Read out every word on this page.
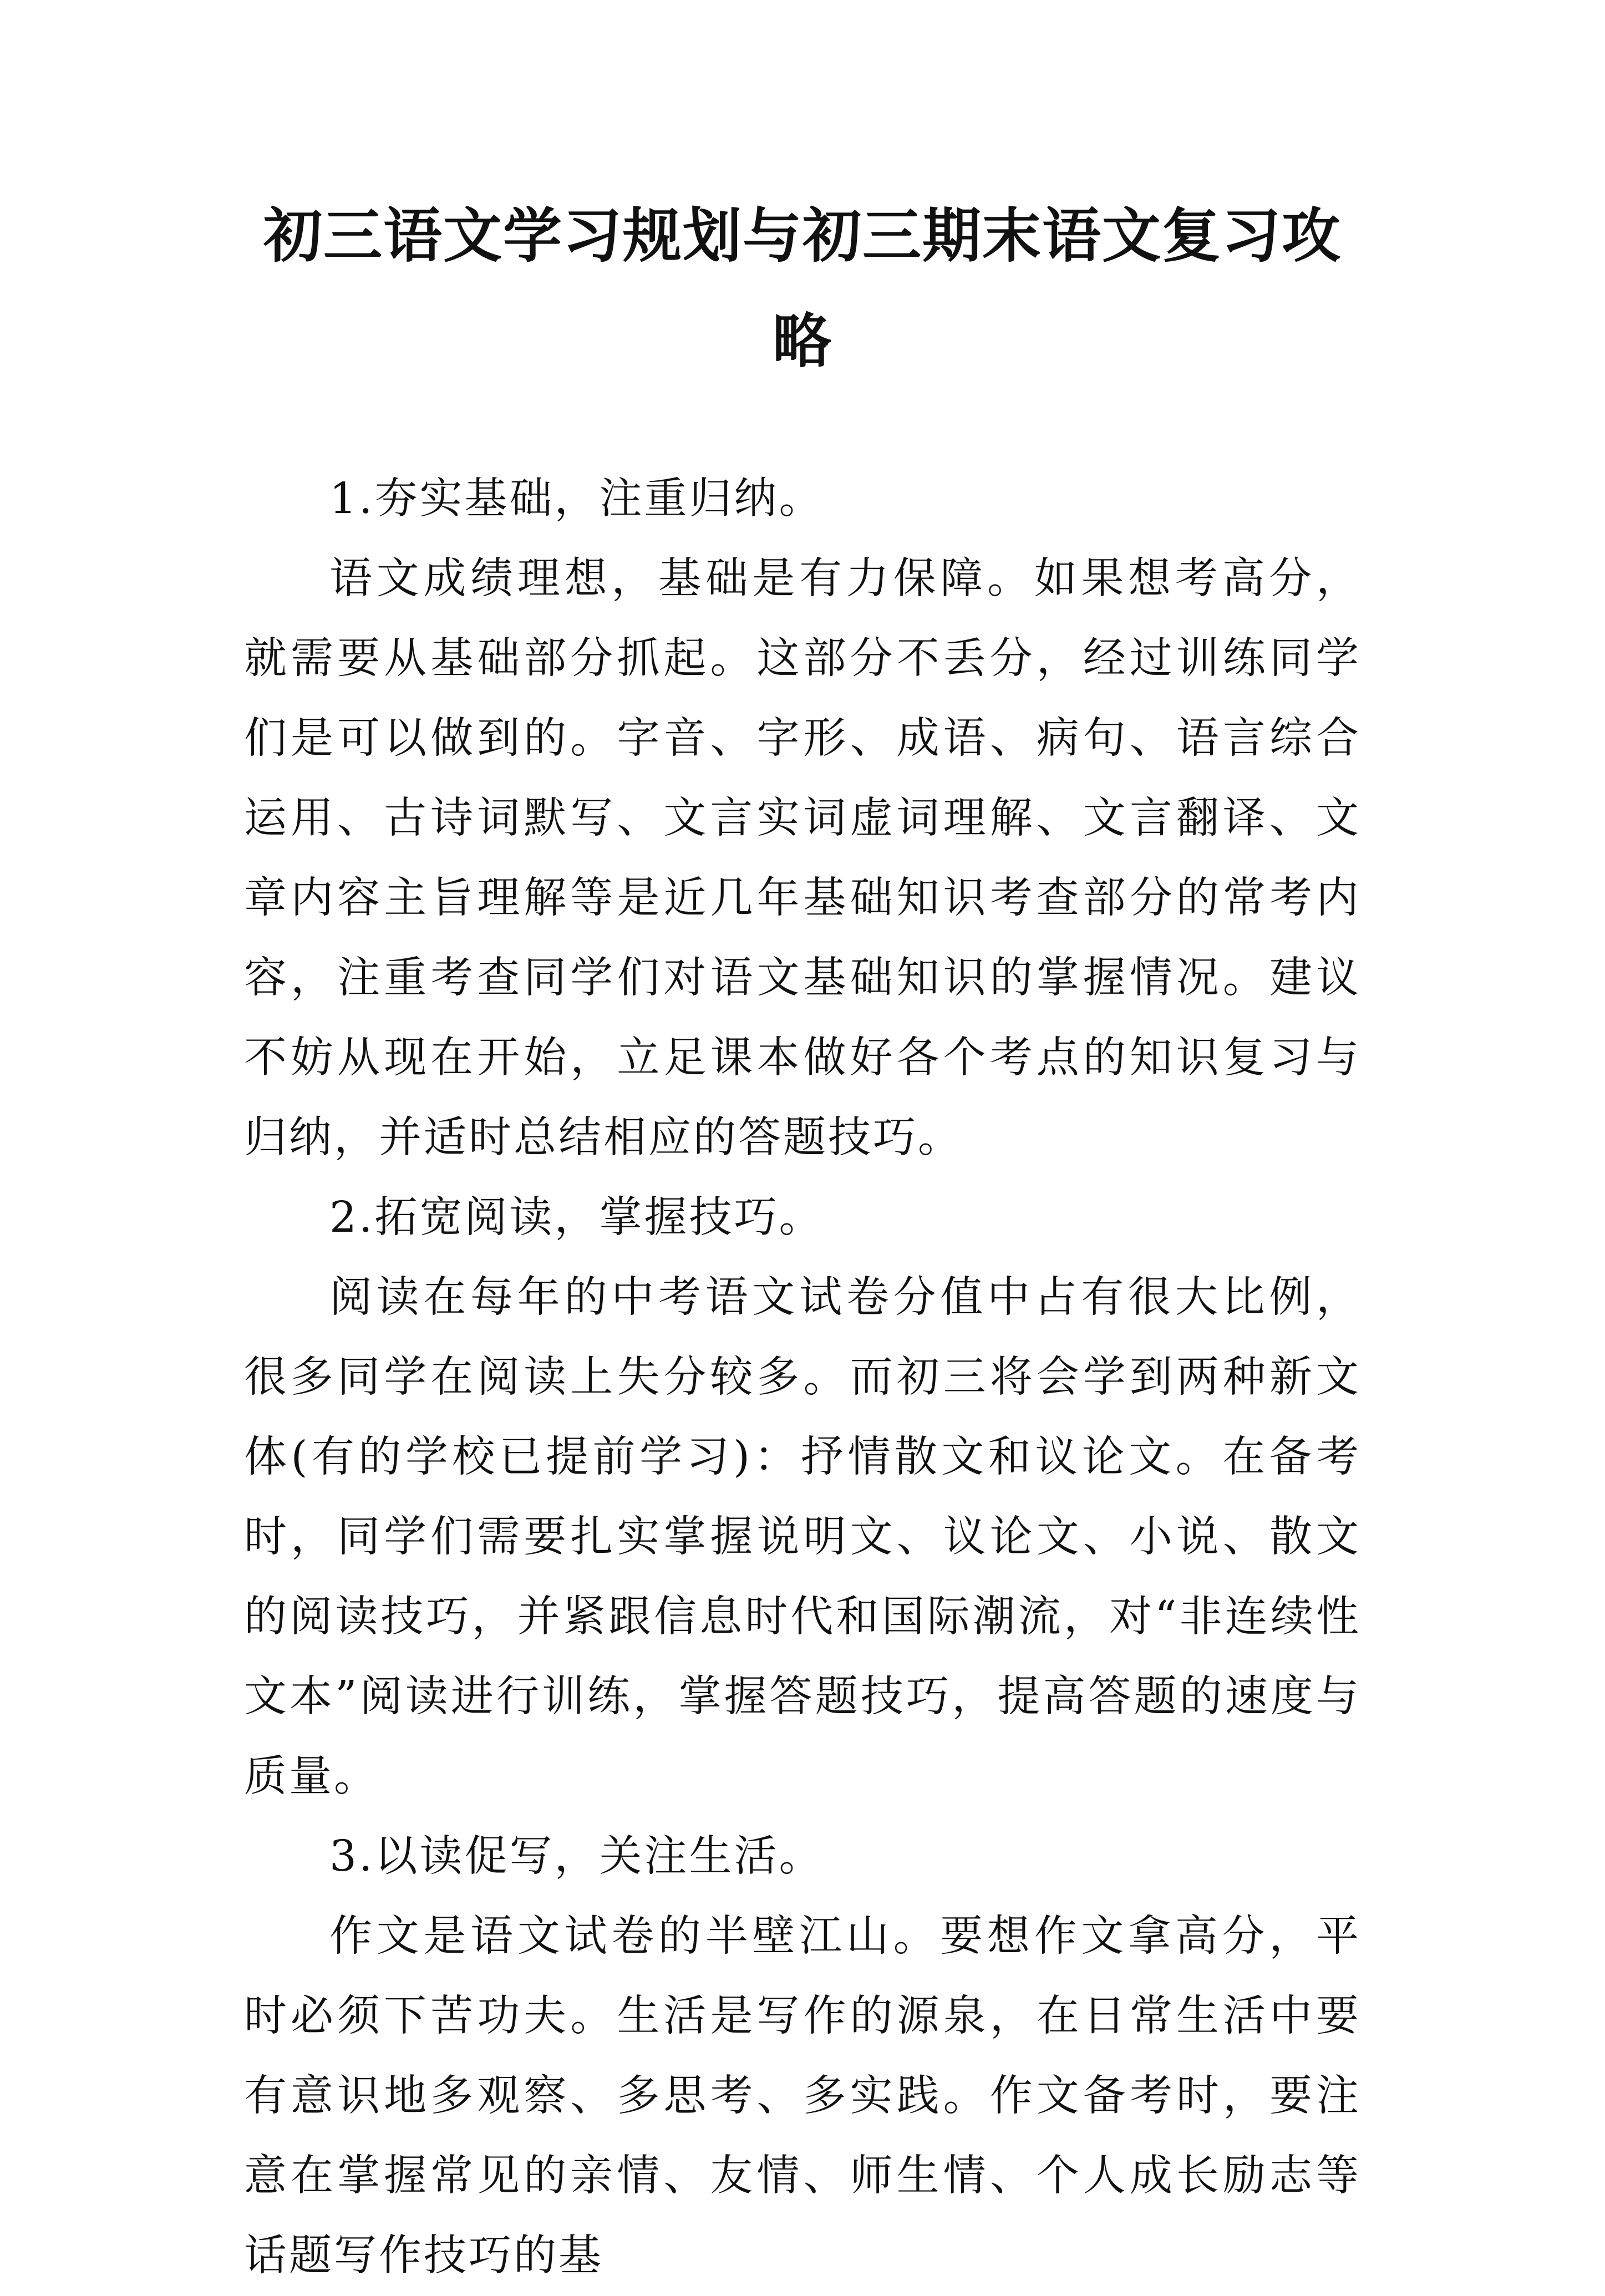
初三语文学习规划与初三期末语文复习攻略

1.夯实基础，注重归纳。

语文成绩理想，基础是有力保障。如果想考高分，就需要从基础部分抓起。这部分不丢分，经过训练同学们是可以做到的。字音、字形、成语、病句、语言综合运用、古诗词默写、文言实词虚词理解、文言翻译、文章内容主旨理解等是近几年基础知识考查部分的常考内容，注重考查同学们对语文基础知识的掌握情况。建议不妨从现在开始，立足课本做好各个考点的知识复习与归纳，并适时总结相应的答题技巧。

2.拓宽阅读，掌握技巧。

阅读在每年的中考语文试卷分值中占有很大比例，很多同学在阅读上失分较多。而初三将会学到两种新文体(有的学校已提前学习)：抒情散文和议论文。在备考时，同学们需要扎实掌握说明文、议论文、小说、散文的阅读技巧，并紧跟信息时代和国际潮流，对“非连续性文本”阅读进行训练，掌握答题技巧，提高答题的速度与质量。

3.以读促写，关注生活。

作文是语文试卷的半壁江山。要想作文拿高分，平时必须下苦功夫。生活是写作的源泉，在日常生活中要有意识地多观察、多思考、多实践。作文备考时，要注意在掌握常见的亲情、友情、师生情、个人成长励志等话题写作技巧的基
